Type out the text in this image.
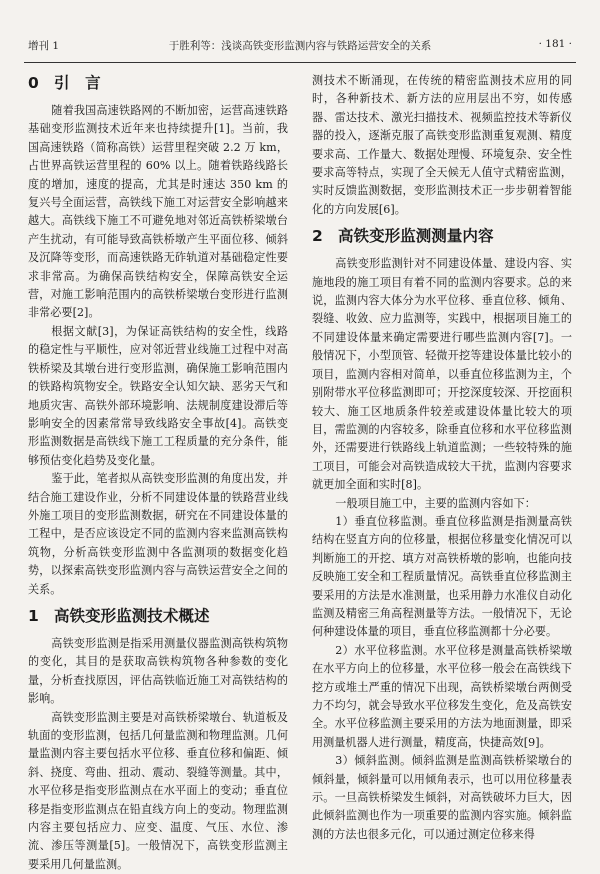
增刊 1	于胜利等：浅谈高铁变形监测内容与铁路运营安全的关系	· 181 ·
0 引　言

随着我国高速铁路网的不断加密，运营高速铁路基础变形监测技术近年来也持续提升[1]。当前，我国高速铁路（简称高铁）运营里程突破 2.2 万 km，占世界高铁运营里程的 60% 以上。随着铁路线路长度的增加，速度的提高，尤其是时速达 350 km 的复兴号全面运营，高铁线下施工对运营安全影响越来越大。高铁线下施工不可避免地对邻近高铁桥梁墩台产生扰动，有可能导致高铁桥墩产生平面位移、倾斜及沉降等变形，而高速铁路无砟轨道对基础稳定性要求非常高。为确保高铁结构安全，保障高铁安全运营，对施工影响范围内的高铁桥梁墩台变形进行监测非常必要[2]。

根据文献[3]，为保证高铁结构的安全性，线路的稳定性与平顺性，应对邻近营业线施工过程中对高铁桥梁及其墩台进行变形监测，确保施工影响范围内的铁路构筑物安全。铁路安全认知欠缺、恶劣天气和地质灾害、高铁外部环境影响、法规制度建设滞后等影响安全的因素常常导致线路安全事故[4]。高铁变形监测数据是高铁线下施工工程质量的充分条件，能够预估变化趋势及变化量。

鉴于此，笔者拟从高铁变形监测的角度出发，并结合施工建设作业，分析不同建设体量的铁路营业线外施工项目的变形监测数据，研究在不同建设体量的工程中，是否应该设定不同的监测内容来监测高铁构筑物，分析高铁变形监测中各监测项的数据变化趋势，以探索高铁变形监测内容与高铁运营安全之间的关系。

1 高铁变形监测技术概述

高铁变形监测是指采用测量仪器监测高铁构筑物的变化，其目的是获取高铁构筑物各种参数的变化量，分析查找原因，评估高铁临近施工对高铁结构的影响。

高铁变形监测主要是对高铁桥梁墩台、轨道板及轨面的变形监测，包括几何量监测和物理监测。几何量监测内容主要包括水平位移、垂直位移和偏距、倾斜、挠度、弯曲、扭动、震动、裂缝等测量。其中，水平位移是指变形监测点在水平面上的变动；垂直位移是指变形监测点在铅直线方向上的变动。物理监测内容主要包括应力、应变、温度、气压、水位、渗流、渗压等测量[5]。一般情况下，高铁变形监测主要采用几何量监测。

测技术不断涌现，在传统的精密监测技术应用的同时，各种新技术、新方法的应用层出不穷，如传感器、雷达技术、激光扫描技术、视频监控技术等新仪器的投入，逐渐克服了高铁变形监测重复观测、精度要求高、工作量大、数据处理慢、环境复杂、安全性要求高等特点，实现了全天候无人值守式精密监测，实时反馈监测数据，变形监测技术正一步步朝着智能化的方向发展[6]。

2 高铁变形监测测量内容

高铁变形监测针对不同建设体量、建设内容、实施地段的施工项目有着不同的监测内容要求。总的来说，监测内容大体分为水平位移、垂直位移、倾角、裂缝、收敛、应力监测等，实践中，根据项目施工的不同建设体量来确定需要进行哪些监测内容[7]。一般情况下，小型顶管、轻微开挖等建设体量比较小的项目，监测内容相对简单，以垂直位移监测为主，个别附带水平位移监测即可；开挖深度较深、开挖面积较大、施工区地质条件较差或建设体量比较大的项目，需监测的内容较多，除垂直位移和水平位移监测外，还需要进行铁路线上轨道监测；一些较特殊的施工项目，可能会对高铁造成较大干扰，监测内容要求就更加全面和实时[8]。

一般项目施工中，主要的监测内容如下：

1）垂直位移监测。垂直位移监测是指测量高铁结构在竖直方向的位移量，根据位移量变化情况可以判断施工的开挖、填方对高铁桥墩的影响，也能向技反映施工安全和工程质量情况。高铁垂直位移监测主要采用的方法是水准测量，也采用静力水准仪自动化监测及精密三角高程测量等方法。一般情况下，无论何种建设体量的项目，垂直位移监测都十分必要。

2）水平位移监测。水平位移是测量高铁桥梁墩在水平方向上的位移量，水平位移一般会在高铁线下挖方或堆土严重的情况下出现，高铁桥梁墩台两侧受力不均匀，就会导致水平位移发生变化，危及高铁安全。水平位移监测主要采用的方法为地面测量，即采用测量机器人进行测量，精度高，快捷高效[9]。

3）倾斜监测。倾斜监测是监测高铁桥梁墩台的倾斜量，倾斜量可以用倾角表示，也可以用位移量表示。一旦高铁桥梁发生倾斜，对高铁破坏力巨大，因此倾斜监测也作为一项重要的监测内容实施。倾斜监测的方法也很多元化，可以通过测定位移来得
